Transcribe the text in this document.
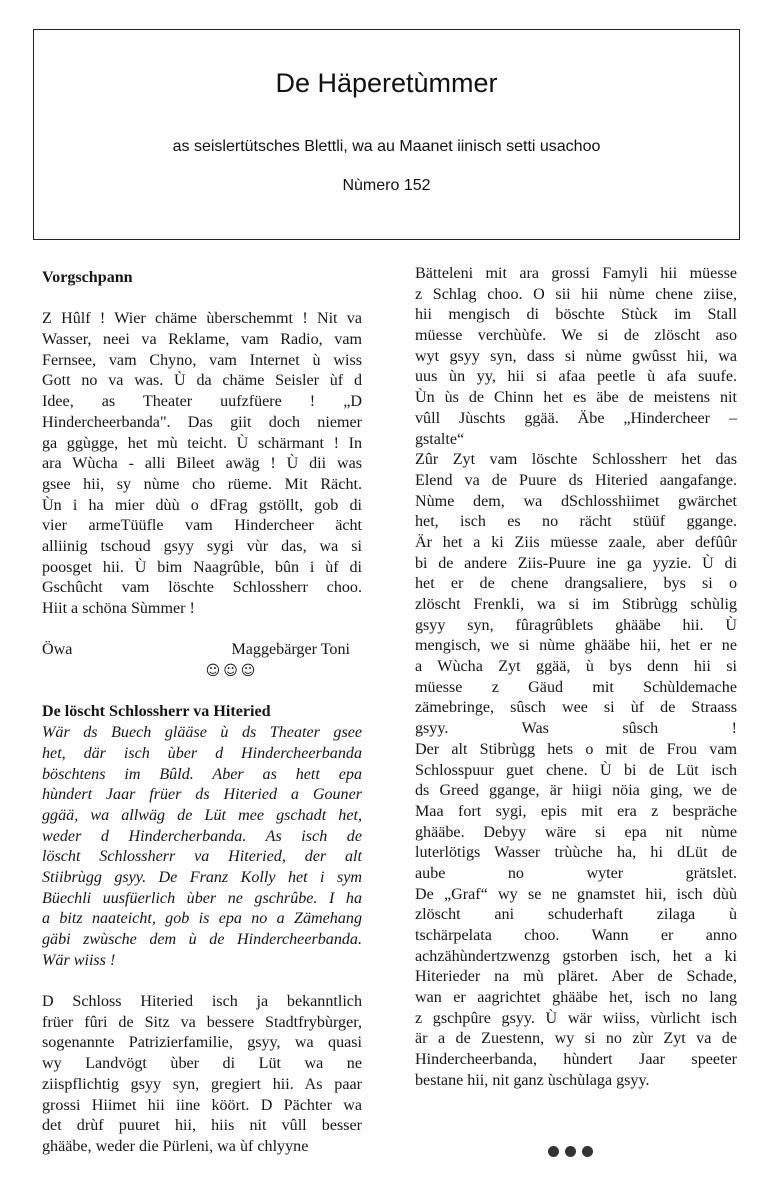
De Häperetùmmer
as seislertütsches Blettli, wa au Maanet iinisch setti usachoo
Nùmero 152
Vorgschpann
Z Hûlf ! Wier chäme ùberschemmt ! Nit va
Wasser, neei va Reklame, vam Radio, vam
Fernsee, vam Chyno, vam Internet ù wiss
Gott no va was. Ù da chäme Seisler ùf d
Idee, as Theater uufzfüere ! „D
Hindercheerbanda". Das giit doch niemer
ga ggùgge, het mù teicht. Ù schärmant ! In
ara Wùcha - alli Bileet awäg ! Ù dii was
gsee hii, sy nùme cho rüeme. Mit Rächt.
Ùn i ha mier dùù o dFrag gstöllt, gob di
vier armeTüüfle vam Hindercheer ächt
alliinig tschoud gsyy sygi vùr das, wa si
poosget hii. Ù bim Naagrûble, bûn i ùf di
Gschûcht vam löschte Schlossherr choo.
Hiit a schöna Sùmmer !
Öwa	Maggebärger Toni
☺☺☺
De löscht Schlossherr va Hiteried
Wär ds Buech glääse ù ds Theater gsee
het, där isch ùber d Hindercheerbanda
böschtens im Bûld. Aber as hett epa
hùndert Jaar früer ds Hiteried a Gouner
ggää, wa allwäg de Lüt mee gschadt het,
weder d Hindercherbanda. As isch de
löscht Schlossherr va Hiteried, der alt
Stiibrùgg gsyy. De Franz Kolly het i sym
Büechli uusfüerlich ùber ne gschrûbe. I ha
a bitz naateicht, gob is epa no a Zämehang
gäbi zwùsche dem ù de Hindercheerbanda.
Wär wiiss !
D Schloss Hiteried isch ja bekanntlich
früer fûri de Sitz va bessere Stadtfrybùrger,
sogenannte Patrizierfamilie, gsyy, wa quasi
wy Landvögt ùber di Lüt wa ne
ziispflichtig gsyy syn, gregiert hii. As paar
grossi Hiimet hii iine köört. D Pächter wa
det drùf puuret hii, hiis nit vûll besser
ghääbe, weder die Pürleni, wa ùf chlyyne
Bätteleni mit ara grossi Famyli hii müesse
z Schlag choo. O sii hii nùme chene ziise,
hii mengisch di böschte Stùck im Stall
müesse verchùùfe. We si de zlöscht aso
wyt gsyy syn, dass si nùme gwûsst hii, wa
uus ùn yy, hii si afaa peetle ù afa suufe.
Ùn ùs de Chinn het es äbe de meistens nit
vûll Jùschts ggää. Äbe „Hindercheer –
gstalte“
Zûr Zyt vam löschte Schlossherr het das
Elend va de Puure ds Hiteried aangafange.
Nùme dem, wa dSchlosshiimet gwärchet
het, isch es no rächt stüüf ggange.
Är het a ki Ziis müesse zaale, aber defûûr
bi de andere Ziis-Puure ine ga yyzie. Ù di
het er de chene drangsaliere, bys si o
zlöscht Frenkli, wa si im Stibrùgg schùlig
gsyy syn, fûragrûblets ghääbe hii. Ù
mengisch, we si nùme ghääbe hii, het er ne
a Wùcha Zyt ggää, ù bys denn hii si
müesse z Gäud mit Schùldemache
zämebringe, sûsch wee si ùf de Straass
gsyy. Was sûsch !
Der alt Stibrùgg hets o mit de Frou vam
Schlosspuur guet chene. Ù bi de Lüt isch
ds Greed ggange, är hiigi nöia ging, we de
Maa fort sygi, epis mit era z bespräche
ghääbe. Debyy wäre si epa nit nùme
luterlötigs Wasser trùùche ha, hi dLüt de
aube no wyter grätslet.
De „Graf“ wy se ne gnamstet hii, isch dùù
zlöscht ani schuderhaft zilaga ù
tschärpelata choo. Wann er anno
achzähùndertzwenzg gstorben isch, het a ki
Hiterieder na mù pläret. Aber de Schade,
wan er aagrichtet ghääbe het, isch no lang
z gschpûre gsyy. Ù wär wiiss, vùrlicht isch
är a de Zuestenn, wy si no zùr Zyt va de
Hindercheerbanda, hùndert Jaar speeter
bestane hii, nit ganz ùschùlaga gsyy.
